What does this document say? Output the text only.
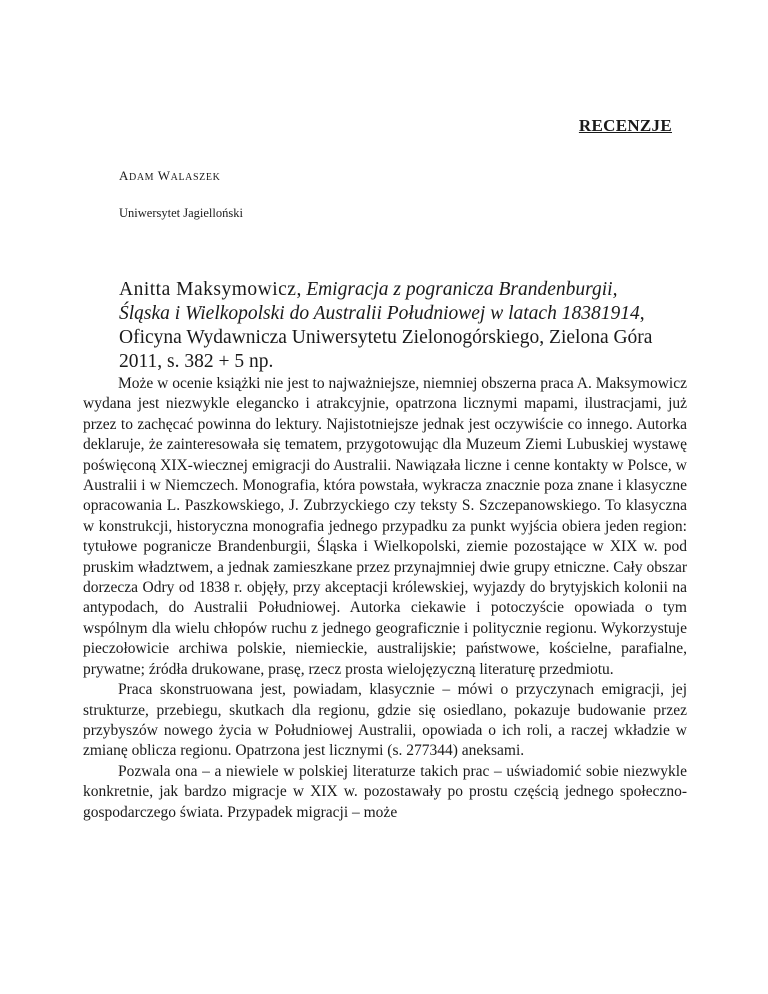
RECENZJE
ADAM WALASZEK
Uniwersytet Jagielloński
Anitta Maksymowicz, Emigracja z pogranicza Brandenburgii, Śląska i Wielkopolski do Australii Południowej w latach 18381914, Oficyna Wydawnicza Uniwersytetu Zielonogórskiego, Zielona Góra 2011, s. 382 + 5 np.

Może w ocenie książki nie jest to najważniejsze, niemniej obszerna praca A. Maksymowicz wydana jest niezwykle elegancko i atrakcyjnie, opatrzona licznymi mapami, ilustracjami, już przez to zachęcać powinna do lektury. Najistotniejsze jednak jest oczywiście co innego. Autorka deklaruje, że zainteresowała się tematem, przygotowując dla Muzeum Ziemi Lubuskiej wystawę poświęconą XIX-wiecznej emigracji do Australii. Nawiązała liczne i cenne kontakty w Polsce, w Australii i w Niemczech. Monografia, która powstała, wykracza znacznie poza znane i klasyczne opracowania L. Paszkowskiego, J. Zubrzyckiego czy teksty S. Szczepanowskiego. To klasyczna w konstrukcji, historyczna monografia jednego przypadku za punkt wyjścia obiera jeden region: tytułowe pogranicze Brandenburgii, Śląska i Wielkopolski, ziemie pozostające w XIX w. pod pruskim władztwem, a jednak zamieszkane przez przynajmniej dwie grupy etniczne. Cały obszar dorzecza Odry od 1838 r. objęły, przy akceptacji królewskiej, wyjazdy do brytyjskich kolonii na antypodach, do Australii Południowej. Autorka ciekawie i potoczyście opowiada o tym wspólnym dla wielu chłopów ruchu z jednego geograficznie i politycznie regionu. Wykorzystuje pieczołowicie archiwa polskie, niemieckie, australijskie; państwowe, kościelne, parafialne, prywatne; źródła drukowane, prasę, rzecz prosta wielojęzyczną literaturę przedmiotu.

Praca skonstruowana jest, powiadam, klasycznie – mówi o przyczynach emigracji, jej strukturze, przebiegu, skutkach dla regionu, gdzie się osiedlano, pokazuje budowanie przez przybyszów nowego życia w Południowej Australii, opowiada o ich roli, a raczej wkładzie w zmianę oblicza regionu. Opatrzona jest licznymi (s. 277344) aneksami.

Pozwala ona – a niewiele w polskiej literaturze takich prac – uświadomić sobie niezwykle konkretnie, jak bardzo migracje w XIX w. pozostawały po prostu częścią jednego społeczno-gospodarczego świata. Przypadek migracji – może
